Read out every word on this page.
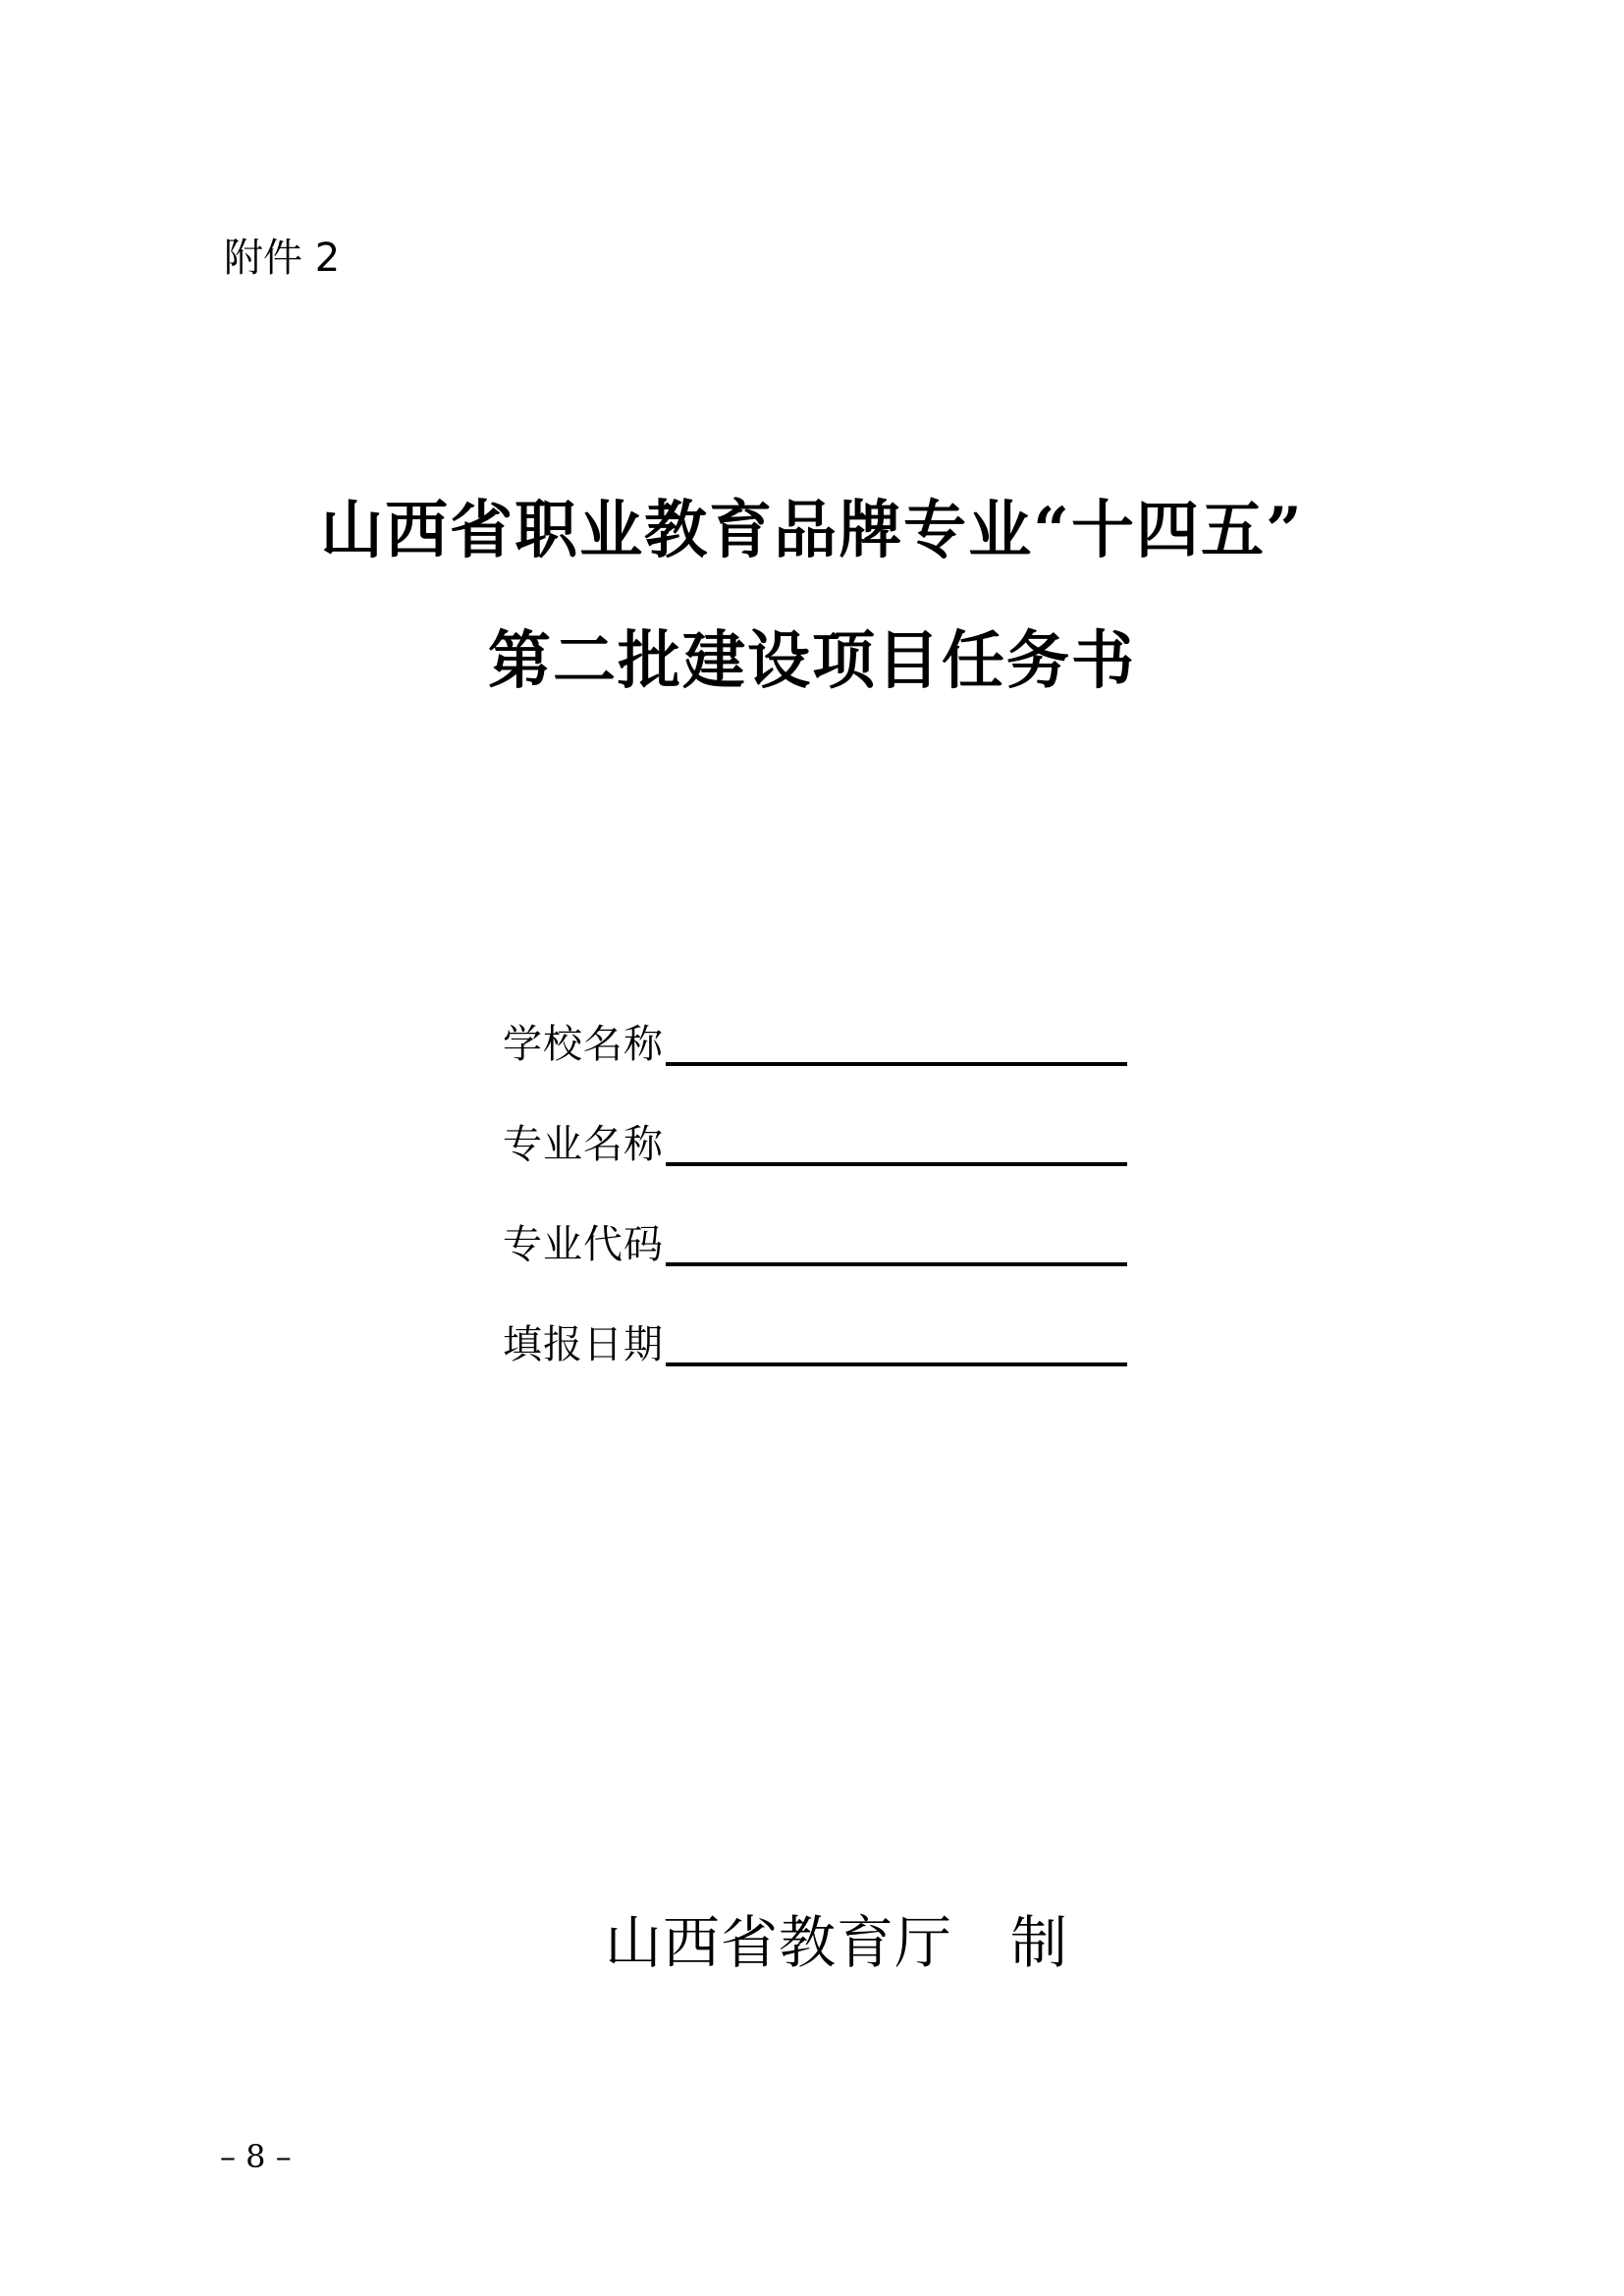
附件 2
山西省职业教育品牌专业“十四五”
第二批建设项目任务书
学校名称
专业名称
专业代码
填报日期
山西省教育厅　制
– 8 –
